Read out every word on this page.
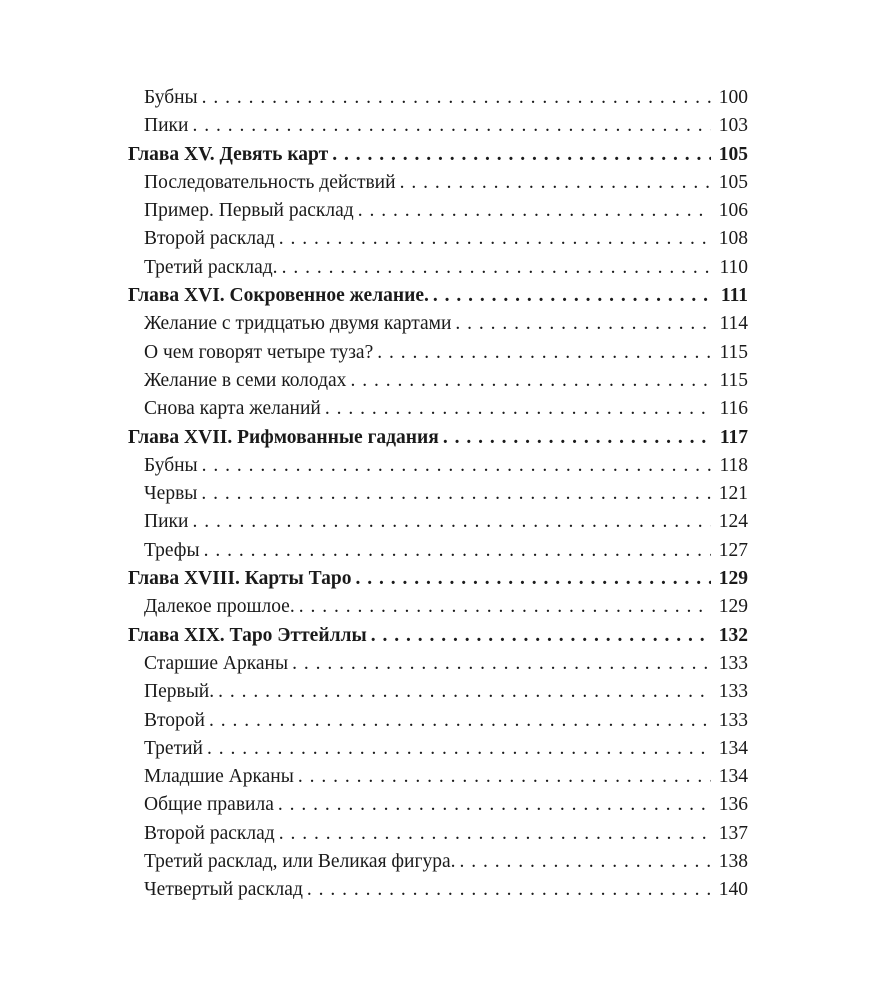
Бубны . . .	100
Пики . . .	103
Глава XV. Девять карт . . .	105
Последовательность действий . . .	105
Пример. Первый расклад . . .	106
Второй расклад . . .	108
Третий расклад. . . .	110
Глава XVI. Сокровенное желание. . . .	111
Желание с тридцатью двумя картами . . .	114
О чем говорят четыре туза? . . .	115
Желание в семи колодах . . .	115
Снова карта желаний . . .	116
Глава XVII. Рифмованные гадания . . .	117
Бубны . . .	118
Червы . . .	121
Пики . . .	124
Трефы . . .	127
Глава XVIII. Карты Таро . . .	129
Далекое прошлое. . . .	129
Глава XIX. Таро Эттейллы . . .	132
Старшие Арканы . . .	133
Первый. . . .	133
Второй . . .	133
Третий . . .	134
Младшие Арканы . . .	134
Общие правила . . .	136
Второй расклад . . .	137
Третий расклад, или Великая фигура. . . .	138
Четвертый расклад . . .	140
